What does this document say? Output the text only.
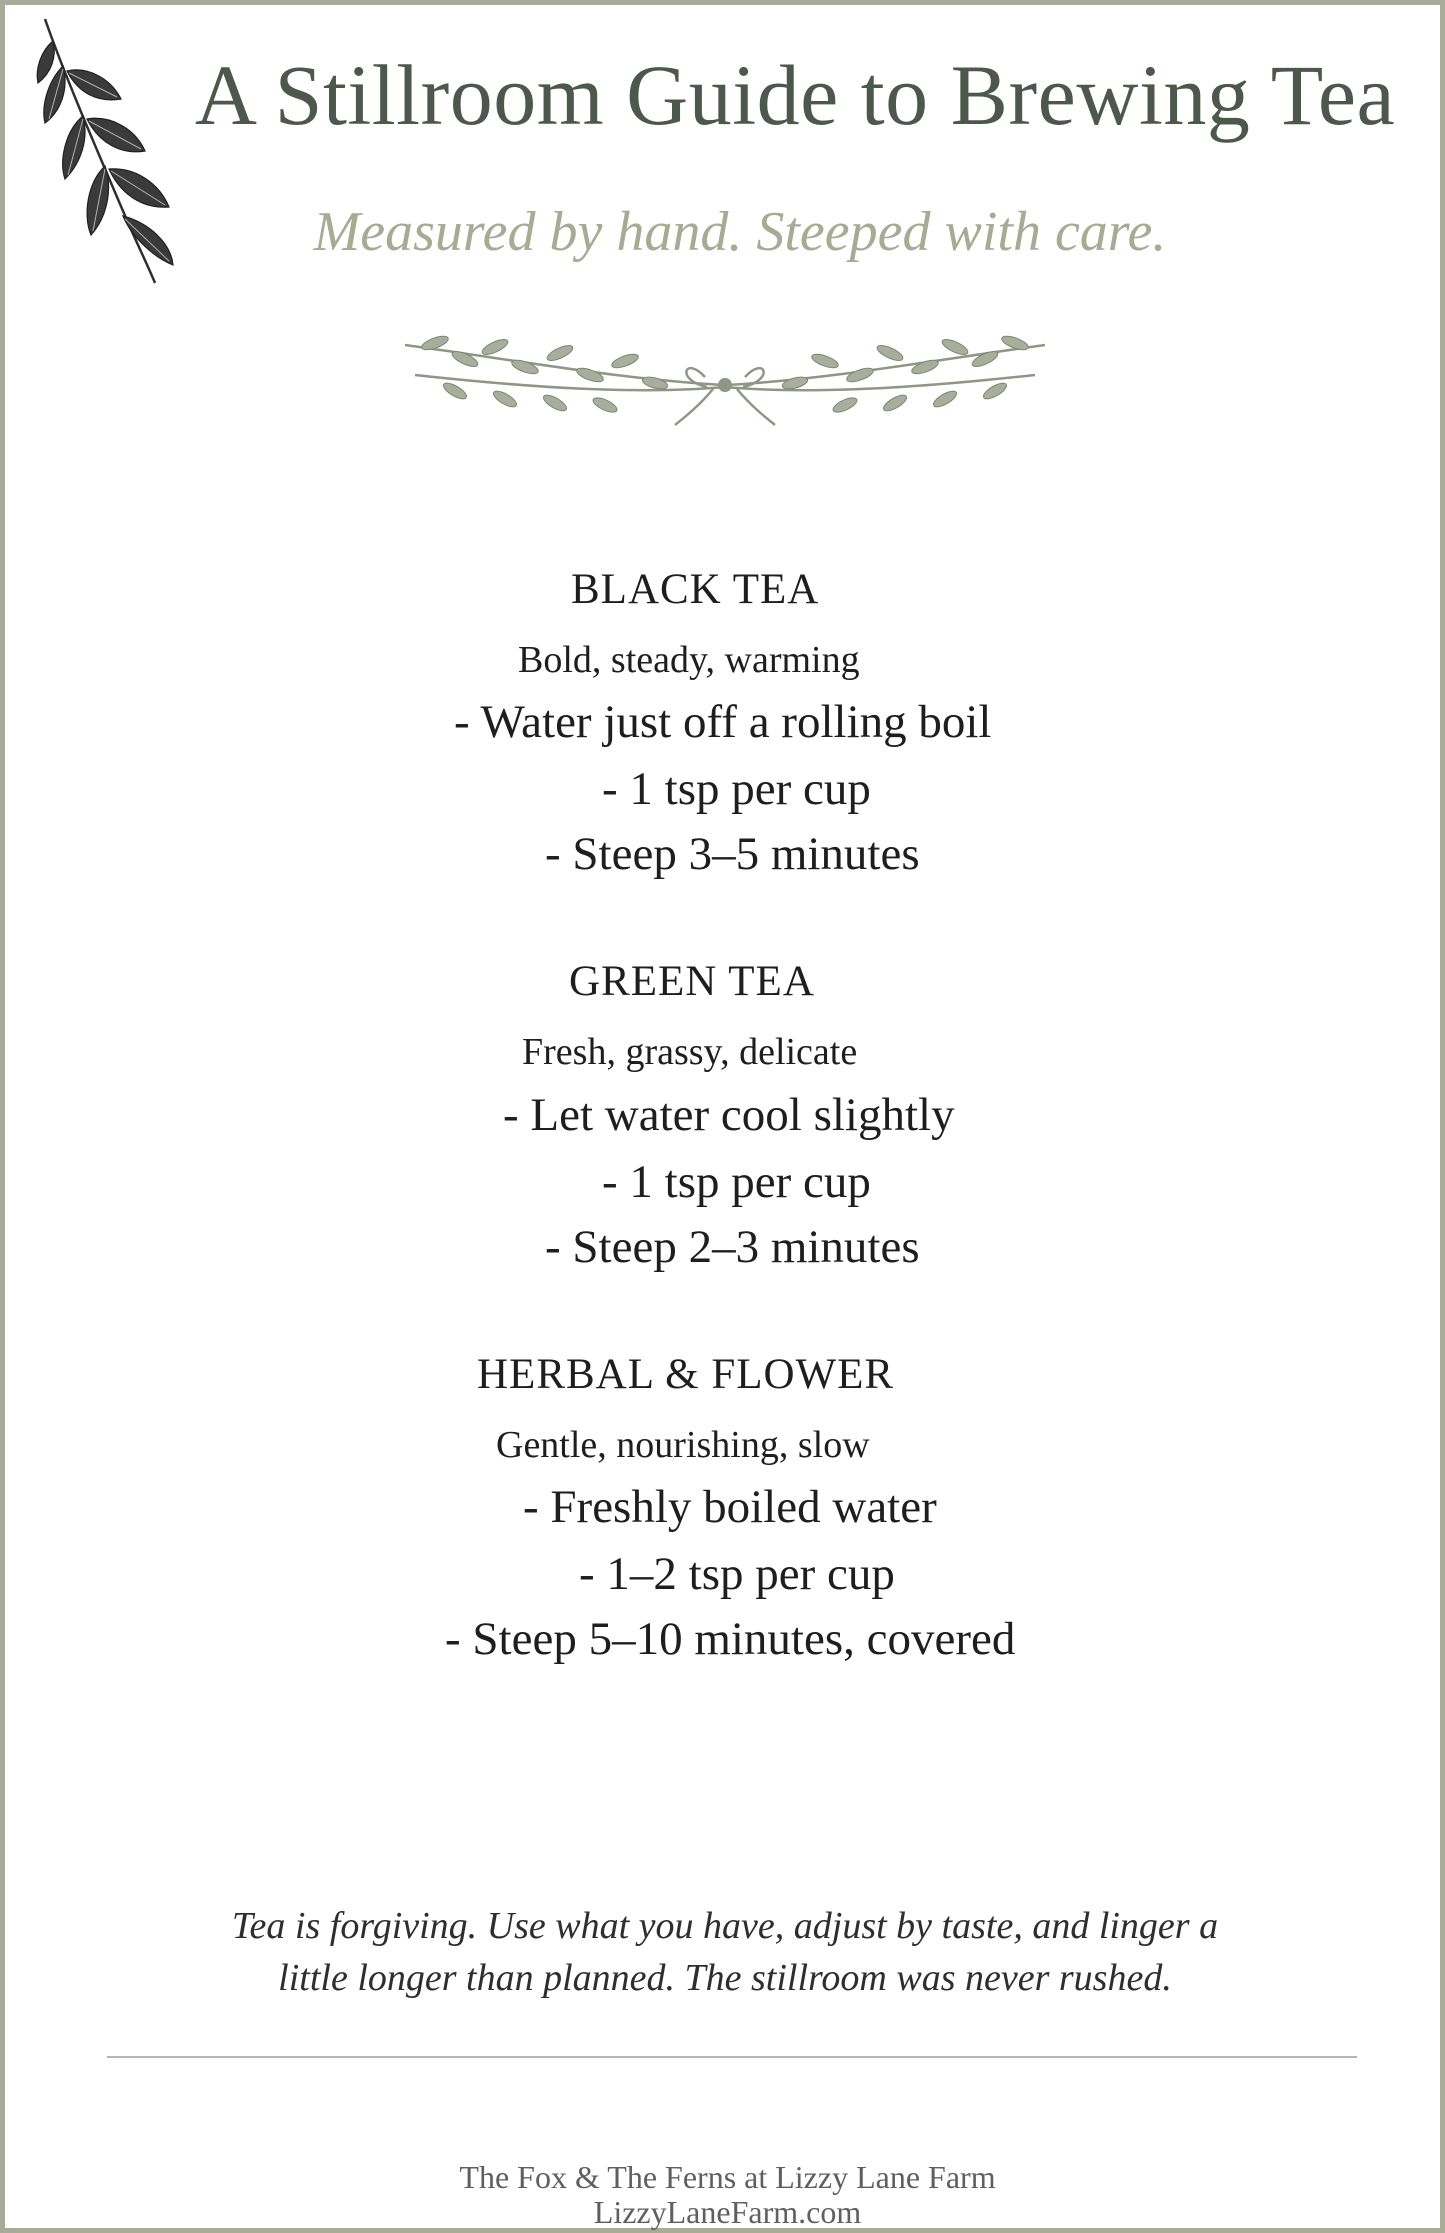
A Stillroom Guide to Brewing Tea
Measured by hand. Steeped with care.
BLACK TEA
Bold, steady, warming
- Water just off a rolling boil
- 1 tsp per cup
- Steep 3–5 minutes
GREEN TEA
Fresh, grassy, delicate
- Let water cool slightly
- 1 tsp per cup
- Steep 2–3 minutes
HERBAL & FLOWER
Gentle, nourishing, slow
- Freshly boiled water
- 1–2 tsp per cup
- Steep 5–10 minutes, covered
Tea is forgiving. Use what you have, adjust by taste, and linger a
little longer than planned. The stillroom was never rushed.
The Fox & The Ferns at Lizzy Lane Farm
LizzyLaneFarm.com
